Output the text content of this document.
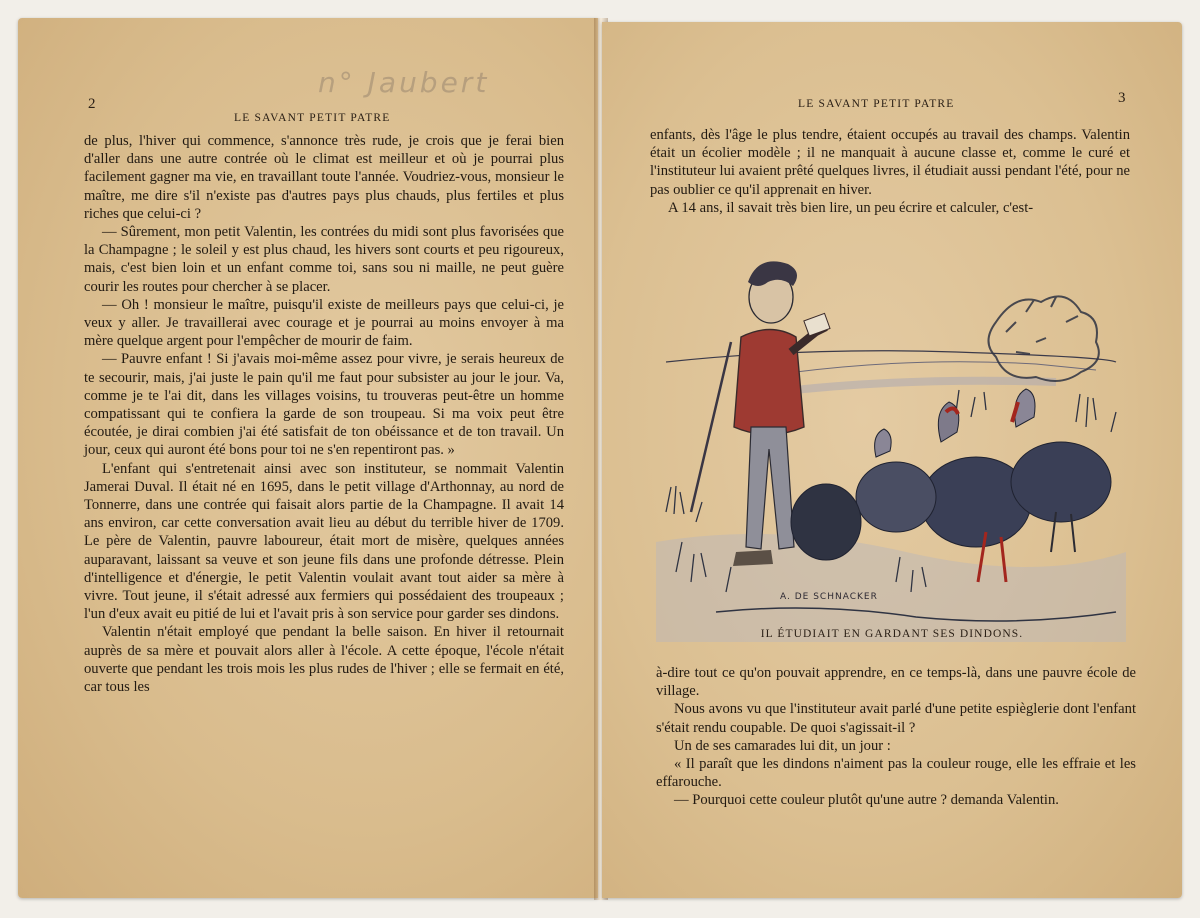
n° Jaubert
2
LE SAVANT PETIT PATRE

de plus, l'hiver qui commence, s'annonce très rude, je crois que je ferai bien d'aller dans une autre contrée où le climat est meilleur et où je pourrai plus facilement gagner ma vie, en travaillant toute l'année. Voudriez-vous, monsieur le maître, me dire s'il n'existe pas d'autres pays plus chauds, plus fertiles et plus riches que celui-ci ?

— Sûrement, mon petit Valentin, les contrées du midi sont plus favorisées que la Champagne ; le soleil y est plus chaud, les hivers sont courts et peu rigoureux, mais, c'est bien loin et un enfant comme toi, sans sou ni maille, ne peut guère courir les routes pour chercher à se placer.

— Oh ! monsieur le maître, puisqu'il existe de meilleurs pays que celui-ci, je veux y aller. Je travaillerai avec courage et je pourrai au moins envoyer à ma mère quelque argent pour l'empêcher de mourir de faim.

— Pauvre enfant ! Si j'avais moi-même assez pour vivre, je serais heureux de te secourir, mais, j'ai juste le pain qu'il me faut pour subsister au jour le jour. Va, comme je te l'ai dit, dans les villages voisins, tu trouveras peut-être un homme compatissant qui te confiera la garde de son troupeau. Si ma voix peut être écoutée, je dirai combien j'ai été satisfait de ton obéissance et de ton travail. Un jour, ceux qui auront été bons pour toi ne s'en repentiront pas. »

L'enfant qui s'entretenait ainsi avec son instituteur, se nommait Valentin Jamerai Duval. Il était né en 1695, dans le petit village d'Arthonnay, au nord de Tonnerre, dans une contrée qui faisait alors partie de la Champagne. Il avait 14 ans environ, car cette conversation avait lieu au début du terrible hiver de 1709. Le père de Valentin, pauvre laboureur, était mort de misère, quelques années auparavant, laissant sa veuve et son jeune fils dans une profonde détresse. Plein d'intelligence et d'énergie, le petit Valentin voulait avant tout aider sa mère à vivre. Tout jeune, il s'était adressé aux fermiers qui possédaient des troupeaux ; l'un d'eux avait eu pitié de lui et l'avait pris à son service pour garder ses dindons.

Valentin n'était employé que pendant la belle saison. En hiver il retournait auprès de sa mère et pouvait alors aller à l'école. A cette époque, l'école n'était ouverte que pendant les trois mois les plus rudes de l'hiver ; elle se fermait en été, car tous les

LE SAVANT PETIT PATRE	3

enfants, dès l'âge le plus tendre, étaient occupés au travail des champs. Valentin était un écolier modèle ; il ne manquait à aucune classe et, comme le curé et l'instituteur lui avaient prêté quelques livres, il étudiait aussi pendant l'été, pour ne pas oublier ce qu'il apprenait en hiver.

A 14 ans, il savait très bien lire, un peu écrire et calculer, c'est-

A. DE SCHNACKER
IL ÉTUDIAIT EN GARDANT SES DINDONS.

à-dire tout ce qu'on pouvait apprendre, en ce temps-là, dans une pauvre école de village.

Nous avons vu que l'instituteur avait parlé d'une petite espièglerie dont l'enfant s'était rendu coupable. De quoi s'agissait-il ?

Un de ses camarades lui dit, un jour :

« Il paraît que les dindons n'aiment pas la couleur rouge, elle les effraie et les effarouche.

— Pourquoi cette couleur plutôt qu'une autre ? demanda Valentin.
